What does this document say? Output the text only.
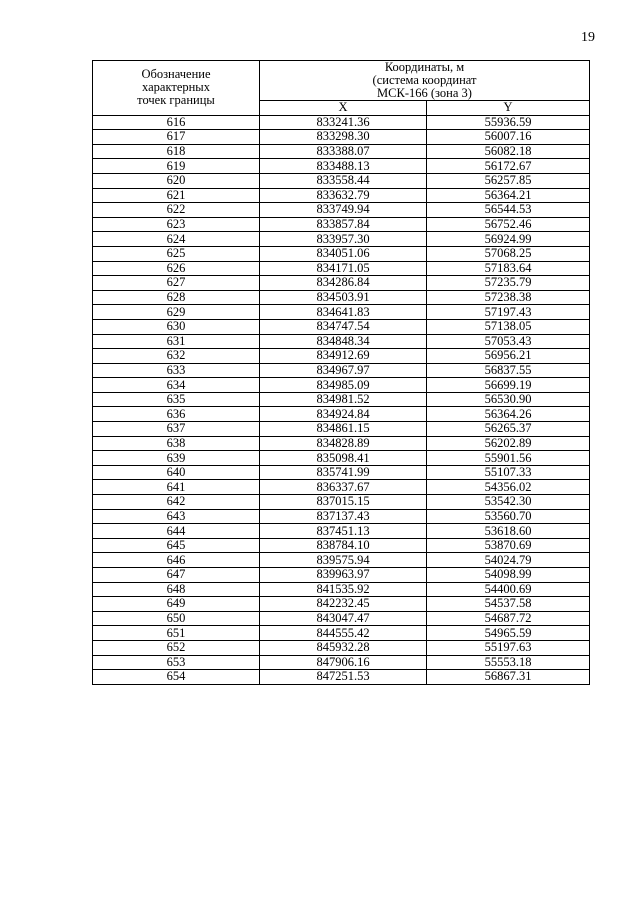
19
Обозначение
характерных
точек границы	Координаты, м
(система координат
МСК-166 (зона 3)	

	X	Y
616	833241.36	55936.59
617	833298.30	56007.16
618	833388.07	56082.18
619	833488.13	56172.67
620	833558.44	56257.85
621	833632.79	56364.21
622	833749.94	56544.53
623	833857.84	56752.46
624	833957.30	56924.99
625	834051.06	57068.25
626	834171.05	57183.64
627	834286.84	57235.79
628	834503.91	57238.38
629	834641.83	57197.43
630	834747.54	57138.05
631	834848.34	57053.43
632	834912.69	56956.21
633	834967.97	56837.55
634	834985.09	56699.19
635	834981.52	56530.90
636	834924.84	56364.26
637	834861.15	56265.37
638	834828.89	56202.89
639	835098.41	55901.56
640	835741.99	55107.33
641	836337.67	54356.02
642	837015.15	53542.30
643	837137.43	53560.70
644	837451.13	53618.60
645	838784.10	53870.69
646	839575.94	54024.79
647	839963.97	54098.99
648	841535.92	54400.69
649	842232.45	54537.58
650	843047.47	54687.72
651	844555.42	54965.59
652	845932.28	55197.63
653	847906.16	55553.18
654	847251.53	56867.31
